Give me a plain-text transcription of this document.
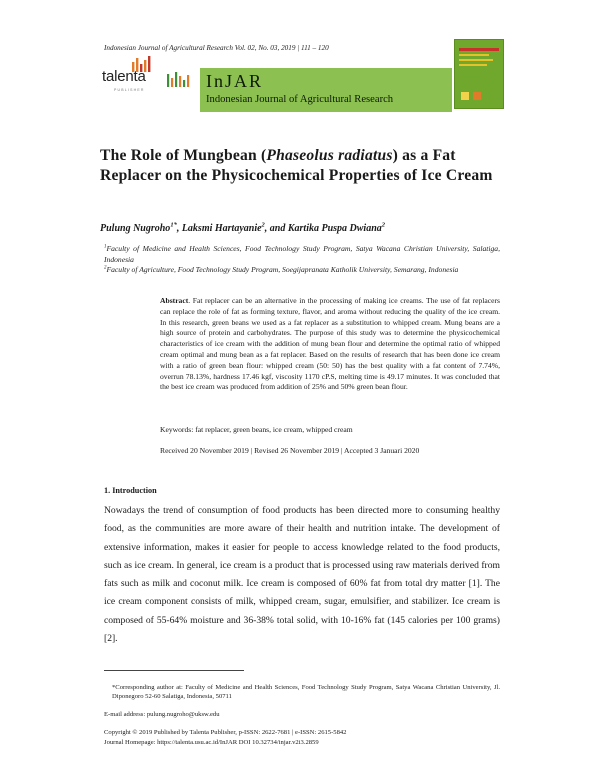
Indonesian Journal of Agricultural Research Vol. 02, No. 03, 2019 | 111 – 120
talenta
PUBLISHER	InJAR
Indonesian Journal of Agricultural Research
The Role of Mungbean (Phaseolus radiatus) as a Fat Replacer on the Physicochemical Properties of Ice Cream
Pulung Nugroho$^{1*}$, Laksmi Hartayanie$^2$, and Kartika Puspa Dwiana$^2$
$^1$Faculty of Medicine and Health Sciences, Food Technology Study Program, Satya Wacana Christian University, Salatiga, Indonesia
$^2$Faculty of Agriculture, Food Technology Study Program, Soegijapranata Katholik University, Semarang, Indonesia
Abstract. Fat replacer can be an alternative in the processing of making ice creams. The use of fat replacers can replace the role of fat as forming texture, flavor, and aroma without reducing the quality of the ice cream. In this research, green beans we used as a fat replacer as a substitution to whipped cream. Mung beans are a high source of protein and carbohydrates. The purpose of this study was to determine the physicochemical characteristics of ice cream with the addition of mung bean flour and determine the optimal ratio of whipped cream optimal and mung bean as a fat replacer. Based on the results of research that has been done ice cream with a ratio of green bean flour: whipped cream (50: 50) has the best quality with a fat content of 7.74%, overrun 78.13%, hardness 17.46 kgf, viscosity 1170 cP.S, melting time is 49.17 minutes. It was concluded that the best ice cream was produced from addition of 25% and 50% green bean flour.
Keywords: fat replacer, green beans, ice cream, whipped cream
Received 20 November 2019 | Revised 26 November 2019 | Accepted 3 Januari 2020
1. Introduction
Nowadays the trend of consumption of food products has been directed more to consuming healthy food, as the communities are more aware of their health and nutrition intake. The development of extensive information, makes it easier for people to access knowledge related to the food products, such as ice cream. In general, ice cream is a product that is processed using raw materials derived from fats such as milk and coconut milk. Ice cream is composed of 60% fat from total dry matter [1]. The ice cream component consists of milk, whipped cream, sugar, emulsifier, and stabilizer. Ice cream is composed of 55-64% moisture and 36-38% total solid, with 10-16% fat (145 calories per 100 grams) [2].
*Corresponding author at: Faculty of Medicine and Health Sciences, Food Technology Study Program, Satya Wacana Christian University, Jl. Diponegoro 52-60 Salatiga, Indonesia, 50711
E-mail address: pulung.nugroho@uksw.edu
Copyright © 2019 Published by Talenta Publisher, p-ISSN: 2622-7681 | e-ISSN: 2615-5842
Journal Homepage: https://talenta.usu.ac.id/InJAR DOI 10.32734/injar.v2i3.2859
